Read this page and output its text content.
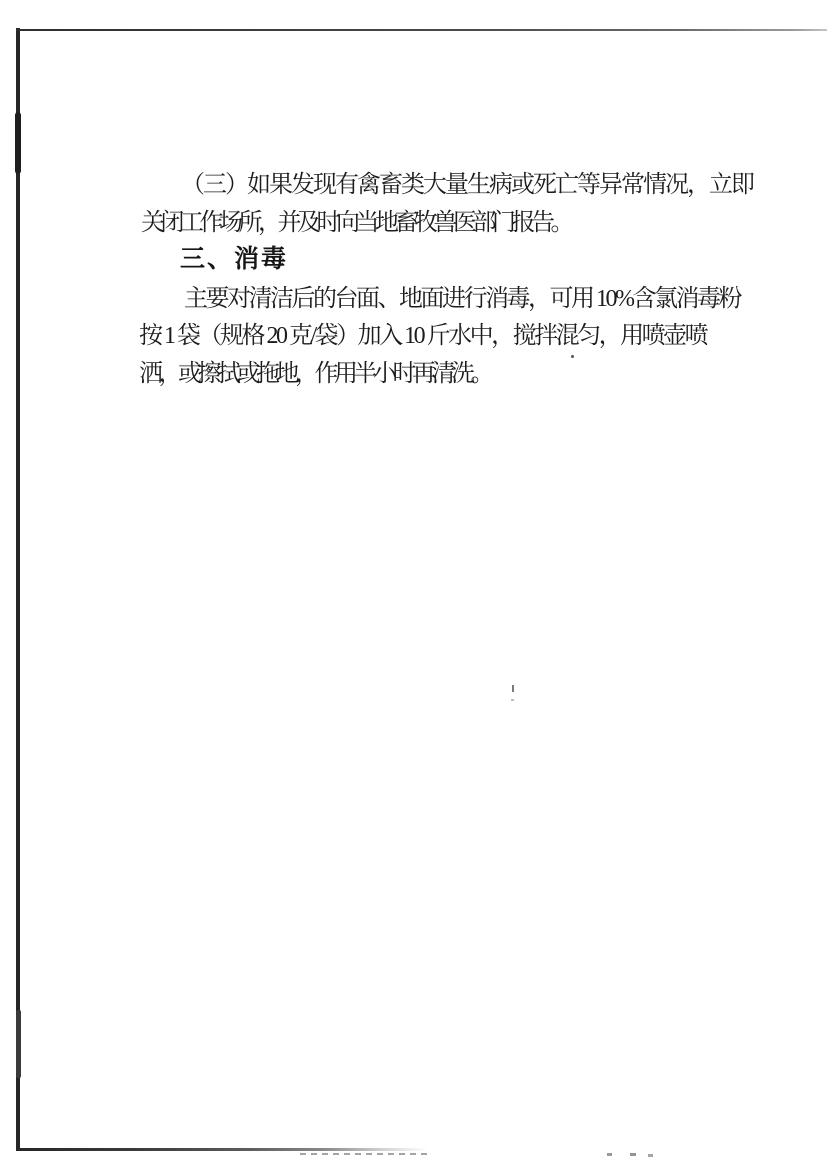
（三）如果发现有禽畜类大量生病或死亡等异常情况，立即
关闭工作场所，并及时向当地畜牧兽医部门报告。
三、消毒
主要对清洁后的台面、地面进行消毒，可用 10%含氯消毒粉
按 1 袋（规格 20 克/袋）加入 10 斤水中，搅拌混匀，用喷壶喷
洒，或擦拭或拖地，作用半小时再清洗。
